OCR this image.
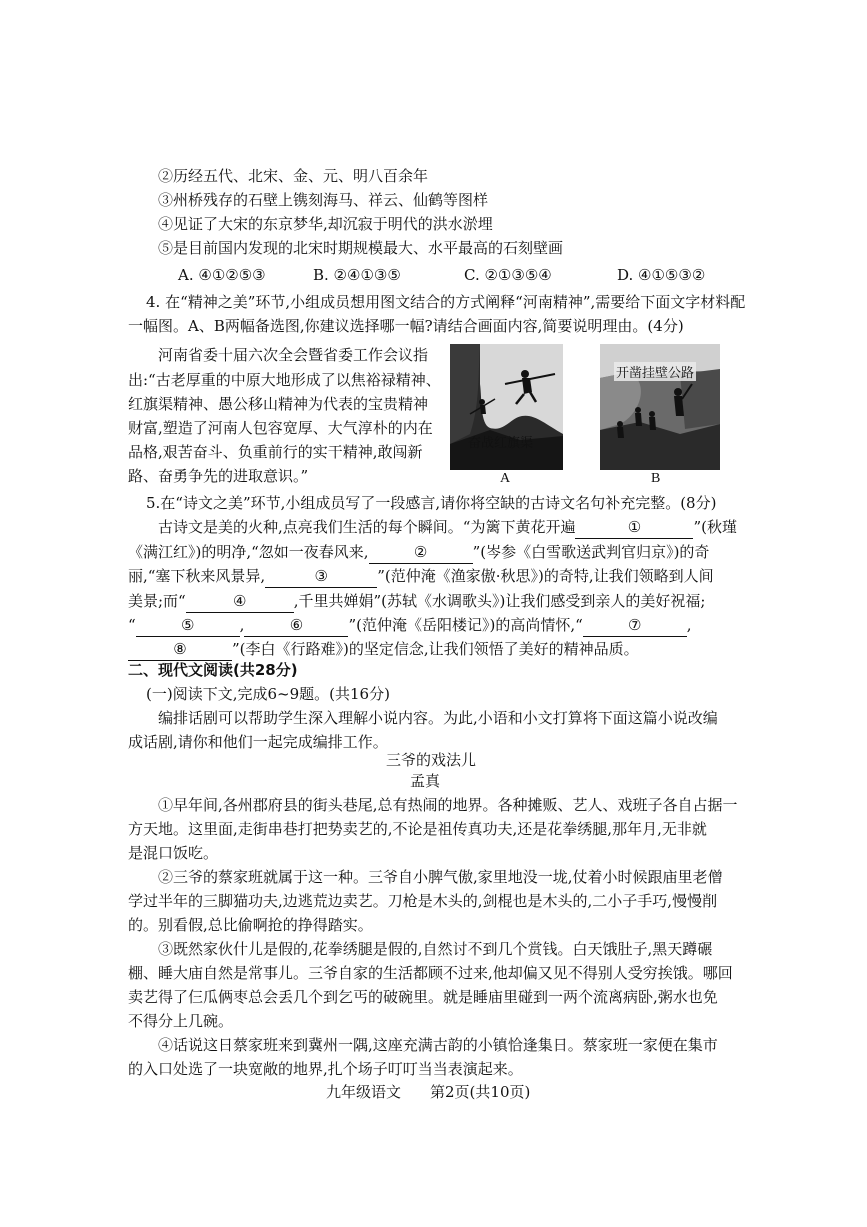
②历经五代、北宋、金、元、明八百余年
③州桥残存的石壁上镌刻海马、祥云、仙鹤等图样
④见证了大宋的东京梦华,却沉寂于明代的洪水淤埋
⑤是目前国内发现的北宋时期规模最大、水平最高的石刻壁画
A. ④①②⑤③	B. ②④①③⑤	C. ②①③⑤④	D. ④①⑤③②
4. 在“精神之美”环节,小组成员想用图文结合的方式阐释“河南精神”,需要给下面文字材料配
一幅图。A、B两幅备选图,你建议选择哪一幅?请结合画面内容,简要说明理由。(4分)
河南省委十届六次全会暨省委工作会议指
出:“古老厚重的中原大地形成了以焦裕禄精神、
红旗渠精神、愚公移山精神为代表的宝贵精神
财富,塑造了河南人包容宽厚、大气淳朴的内在
品格,艰苦奋斗、负重前行的实干精神,敢闯新
路、奋勇争先的进取意识。”
奋战红旗渠
A
开凿挂壁公路
B
5.在“诗文之美”环节,小组成员写了一段感言,请你将空缺的古诗文名句补充完整。(8分)
古诗文是美的火种,点亮我们生活的每个瞬间。“为篱下黄花开遍	①	”(秋瑾
《满江红》)的明净,“忽如一夜春风来,	②	”(岑参《白雪歌送武判官归京》)的奇
丽,“塞下秋来风景异,	③	”(范仲淹《渔家傲·秋思》)的奇特,让我们领略到人间
美景;而“	④	,千里共婵娟”(苏轼《水调歌头》)让我们感受到亲人的美好祝福;
“	⑤	,	⑥	”(范仲淹《岳阳楼记》)的高尚情怀,“	⑦	,
⑧	”(李白《行路难》)的坚定信念,让我们领悟了美好的精神品质。
二、现代文阅读(共28分)
(一)阅读下文,完成6~9题。(共16分)
编排话剧可以帮助学生深入理解小说内容。为此,小语和小文打算将下面这篇小说改编
成话剧,请你和他们一起完成编排工作。
三爷的戏法儿
孟真
①早年间,各州郡府县的街头巷尾,总有热闹的地界。各种摊贩、艺人、戏班子各自占据一
方天地。这里面,走街串巷打把势卖艺的,不论是祖传真功夫,还是花拳绣腿,那年月,无非就
是混口饭吃。
②三爷的蔡家班就属于这一种。三爷自小脾气傲,家里地没一垅,仗着小时候跟庙里老僧
学过半年的三脚猫功夫,边逃荒边卖艺。刀枪是木头的,剑棍也是木头的,二小子手巧,慢慢削
的。别看假,总比偷啊抢的挣得踏实。
③既然家伙什儿是假的,花拳绣腿是假的,自然讨不到几个赏钱。白天饿肚子,黑天蹲碾
棚、睡大庙自然是常事儿。三爷自家的生活都顾不过来,他却偏又见不得别人受穷挨饿。哪回
卖艺得了仨瓜俩枣总会丢几个到乞丐的破碗里。就是睡庙里碰到一两个流离病卧,粥水也免
不得分上几碗。
④话说这日蔡家班来到冀州一隅,这座充满古韵的小镇恰逢集日。蔡家班一家便在集市
的入口处选了一块宽敞的地界,扎个场子叮叮当当表演起来。
九年级语文 第2页(共10页)
